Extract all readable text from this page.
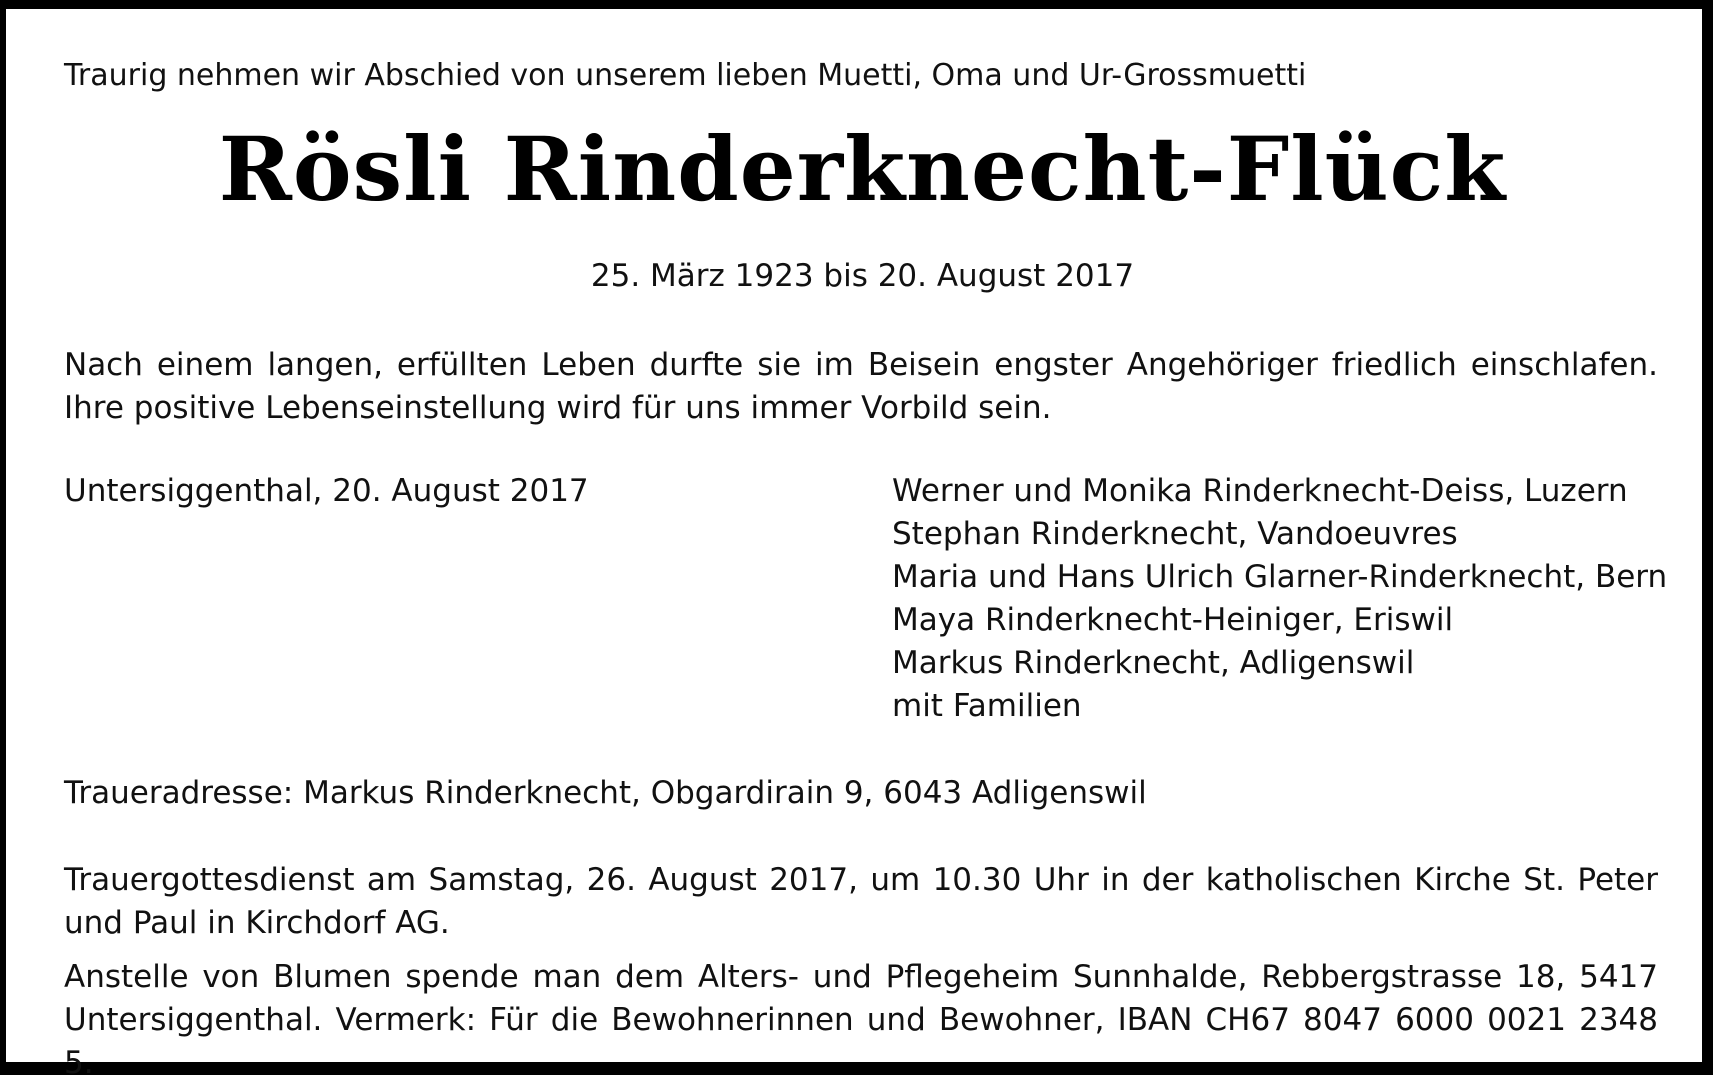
Traurig nehmen wir Abschied von unserem lieben Muetti, Oma und Ur-Grossmuetti

Rösli Rinderknecht-Flück

25. März 1923 bis 20. August 2017

Nach einem langen, erfüllten Leben durfte sie im Beisein engster Angehöriger friedlich einschlafen. Ihre positive Lebenseinstellung wird für uns immer Vorbild sein.

Untersiggenthal, 20. August 2017	Werner und Monika Rinderknecht-Deiss, Luzern
Stephan Rinderknecht, Vandoeuvres
Maria und Hans Ulrich Glarner-Rinderknecht, Bern
Maya Rinderknecht-Heiniger, Eriswil
Markus Rinderknecht, Adligenswil
mit Familien

Traueradresse: Markus Rinderknecht, Obgardirain 9, 6043 Adligenswil

Trauergottesdienst am Samstag, 26. August 2017, um 10.30 Uhr in der katholischen Kirche St. Peter und Paul in Kirchdorf AG.

Anstelle von Blumen spende man dem Alters- und Pflegeheim Sunnhalde, Rebbergstrasse 18, 5417 Untersiggenthal. Vermerk: Für die Bewohnerinnen und Bewohner, IBAN CH67 8047 6000 0021 2348 5.
